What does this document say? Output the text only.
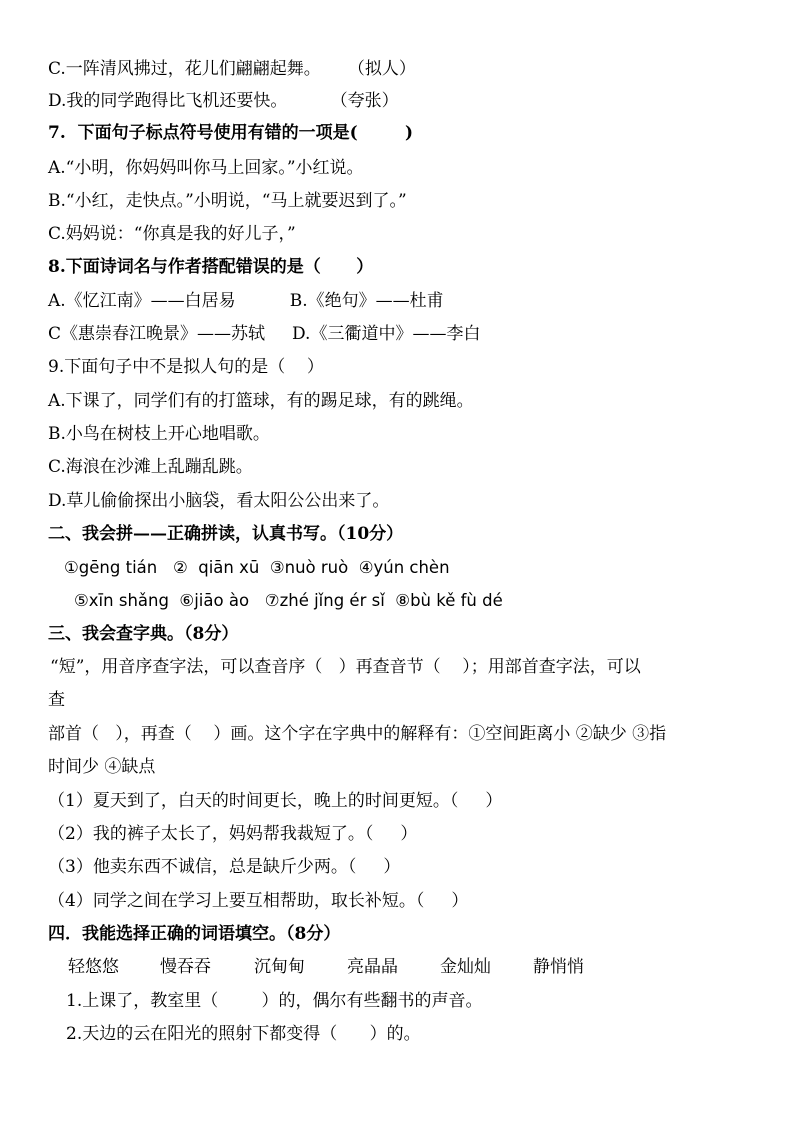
C.一阵清风拂过，花儿们翩翩起舞。     （拟人）
D.我的同学跑得比飞机还要快。        （夸张）
7.  下面句子标点符号使用有错的一项是(        )
A.“小明，你妈妈叫你马上回家。”小红说。
B.“小红，走快点。”小明说，“马上就要迟到了。”
C.妈妈说：“你真是我的好儿子，”
8.下面诗词名与作者搭配错误的是（      ）
A.《忆江南》——白居易          B.《绝句》——杜甫
C《惠崇春江晚景》——苏轼     D.《三衢道中》——李白
9.下面句子中不是拟人句的是（    ）
A.下课了，同学们有的打篮球，有的踢足球，有的跳绳。
B.小鸟在树枝上开心地唱歌。
C.海浪在沙滩上乱蹦乱跳。
D.草儿偷偷探出小脑袋，看太阳公公出来了。
二、我会拼——正确拼读，认真书写。（10分）
①gēng tián   ②  qiān xū  ③nuò ruò  ④yún chèn
⑤xīn shǎng  ⑥jiāo ào   ⑦zhé jǐng ér sǐ  ⑧bù kě fù dé
三、我会查字典。（8分）
“短”，用音序查字法，可以查音序（   ）再查音节（    ）；用部首查字法，可以
查
部首（   ），再查（    ）画。这个字在字典中的解释有：①空间距离小 ②缺少 ③指
时间少 ④缺点
（1）夏天到了，白天的时间更长，晚上的时间更短。（     ）
（2）我的裤子太长了，妈妈帮我裁短了。（     ）
（3）他卖东西不诚信，总是缺斤少两。（     ）
（4）同学之间在学习上要互相帮助，取长补短。（     ）
四．我能选择正确的词语填空。（8分）
轻悠悠 慢吞吞	沉甸甸 亮晶晶 金灿灿 静悄悄
1.上课了，教室里（        ）的，偶尔有些翻书的声音。
2.天边的云在阳光的照射下都变得（      ）的。
